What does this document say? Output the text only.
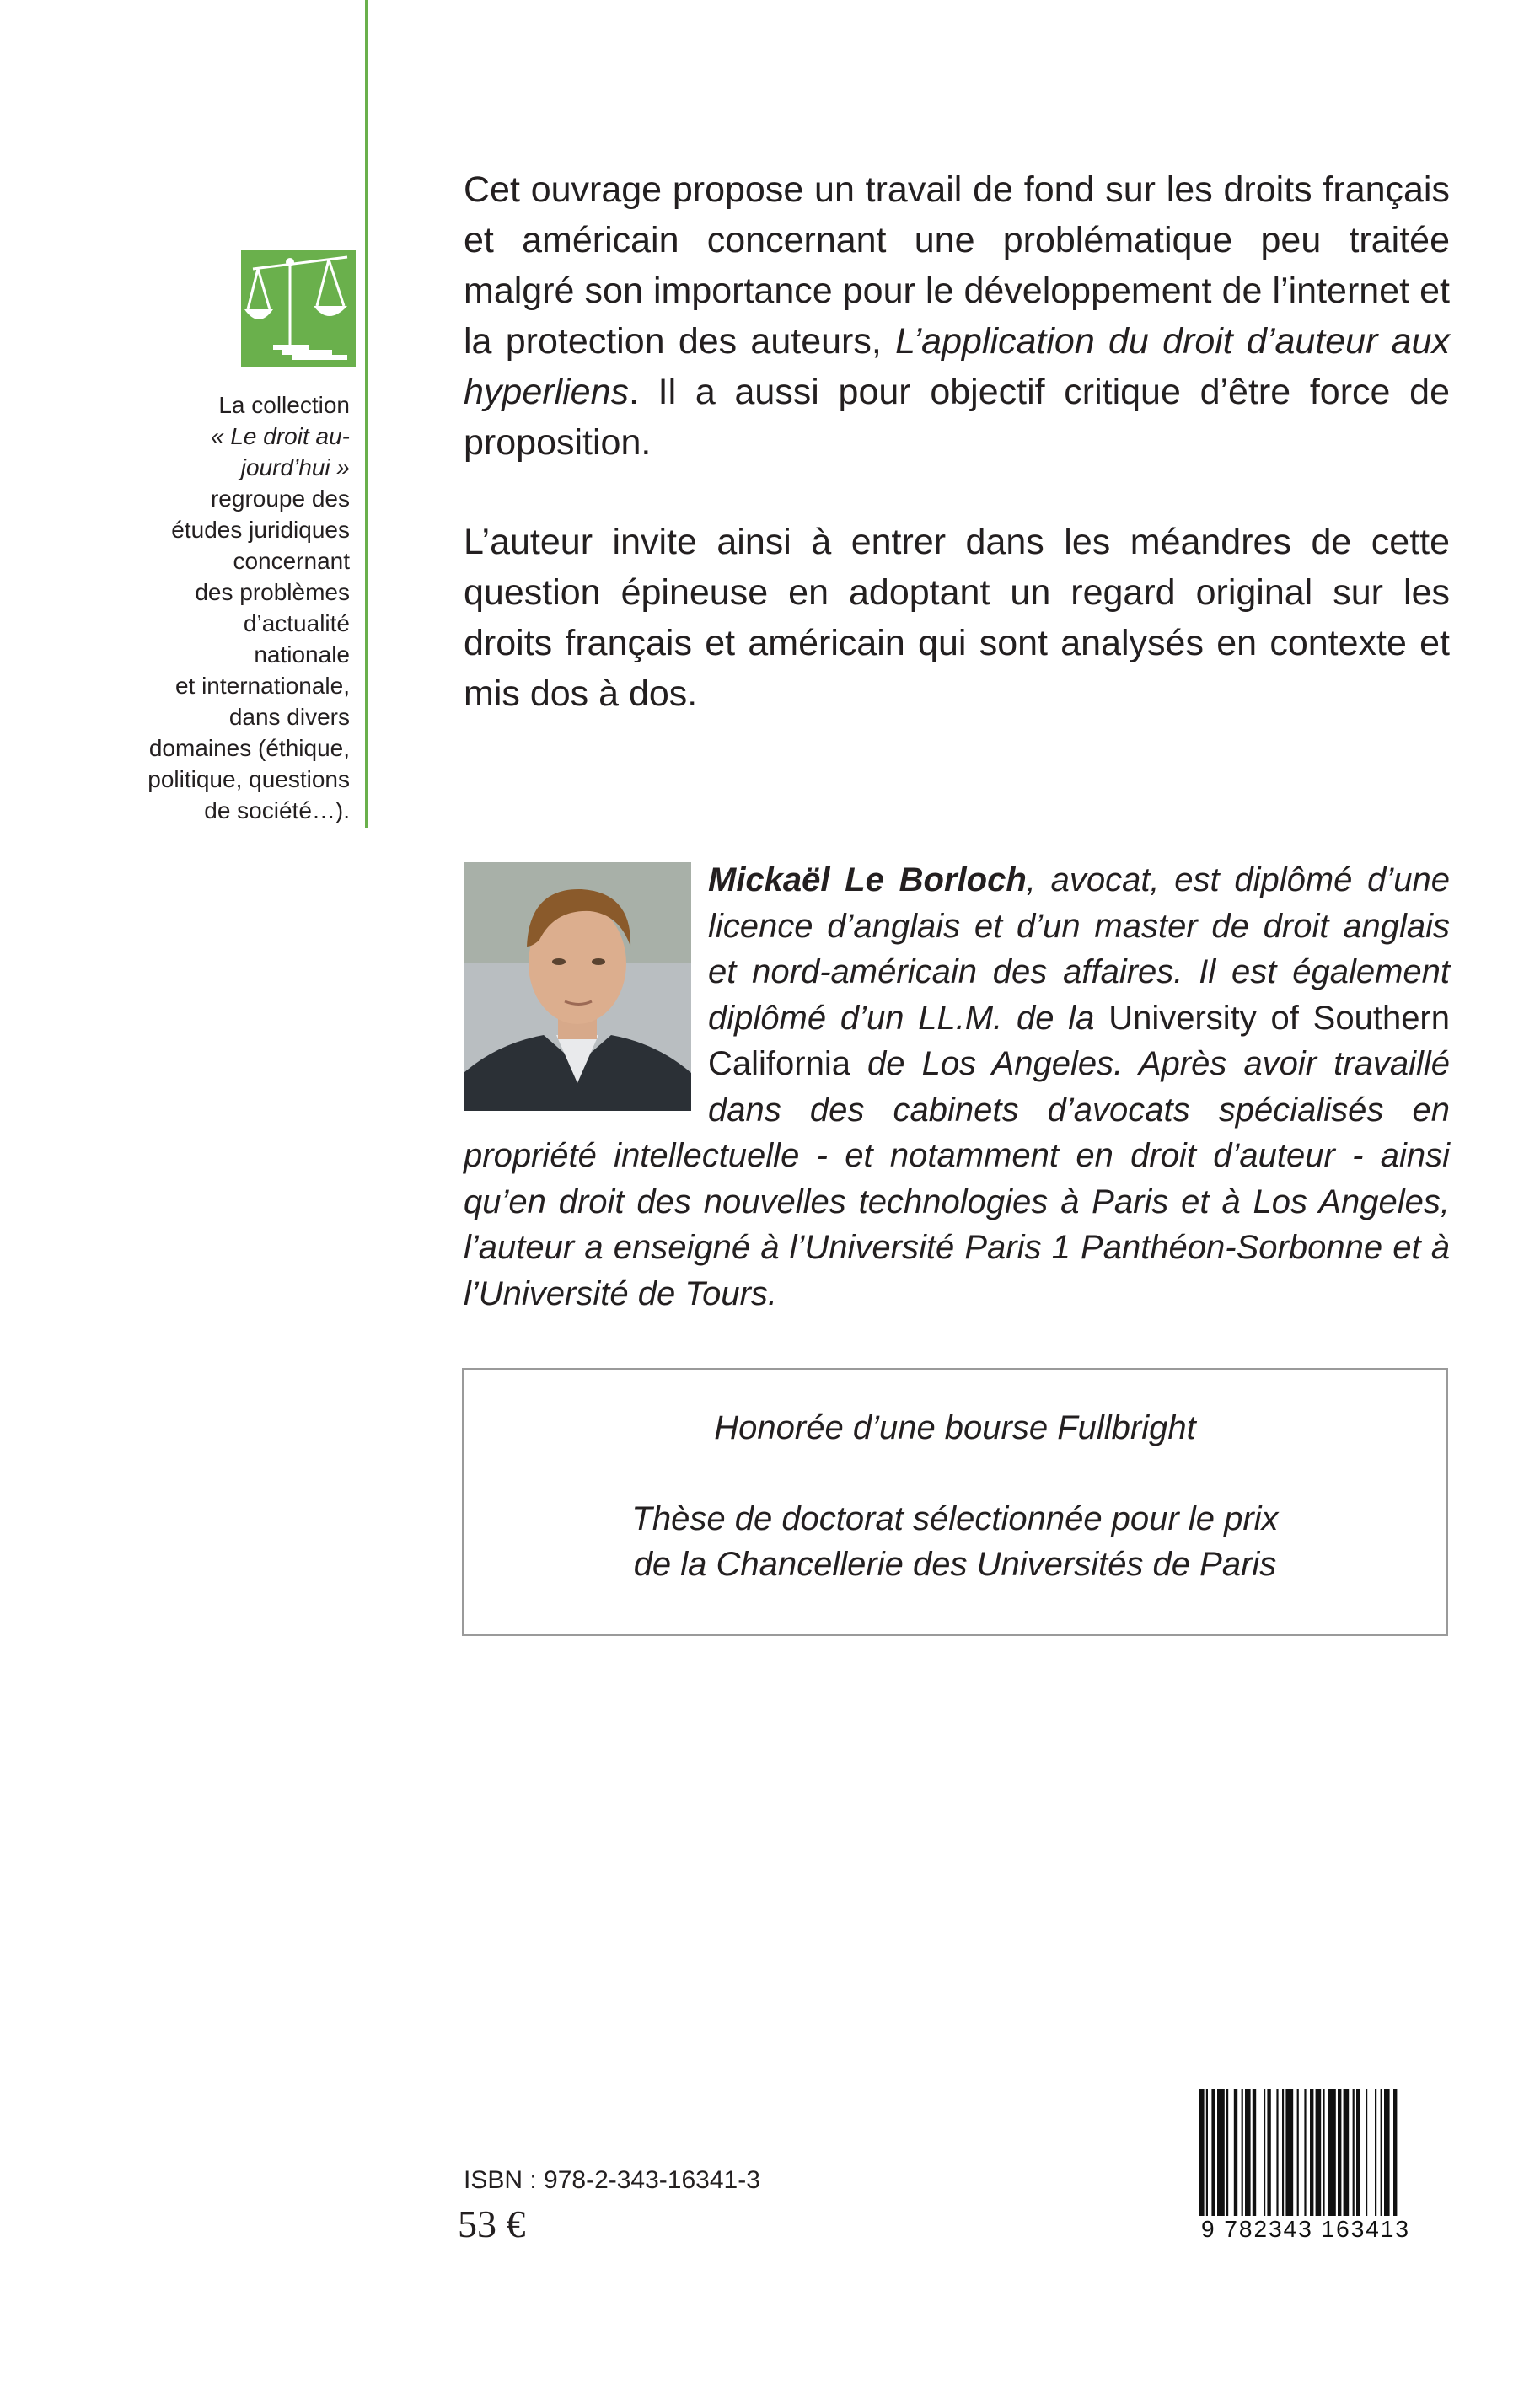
La collection
« Le droit au-
jourd’hui »
regroupe des
études juridiques
concernant
des problèmes
d’actualité
nationale
et internationale,
dans divers
domaines (éthique,
politique, questions
de société…).

Cet ouvrage propose un travail de fond sur les droits français et américain concernant une problématique peu traitée malgré son importance pour le développement de l’internet et la protection des auteurs, L’application du droit d’auteur aux hyperliens. Il a aussi pour objectif critique d’être force de proposition.

L’auteur invite ainsi à entrer dans les méandres de cette question épineuse en adoptant un regard original sur les droits français et américain qui sont analysés en contexte et mis dos à dos.

Mickaël Le Borloch, avocat, est diplômé d’une licence d’anglais et d’un master de droit anglais et nord-américain des affaires. Il est également diplômé d’un LL.M. de la University of Southern California de Los Angeles. Après avoir travaillé dans des cabinets d’avocats spécialisés en propriété intellectuelle - et notamment en droit d’auteur - ainsi qu’en droit des nouvelles technologies à Paris et à Los Angeles, l’auteur a enseigné à l’Université Paris 1 Panthéon-Sorbonne et à l’Université de Tours.
Honorée d’une bourse Fullbright
Thèse de doctorat sélectionnée pour le prix
de la Chancellerie des Universités de Paris
ISBN : 978-2-343-16341-3
53 €	9 782343 163413
